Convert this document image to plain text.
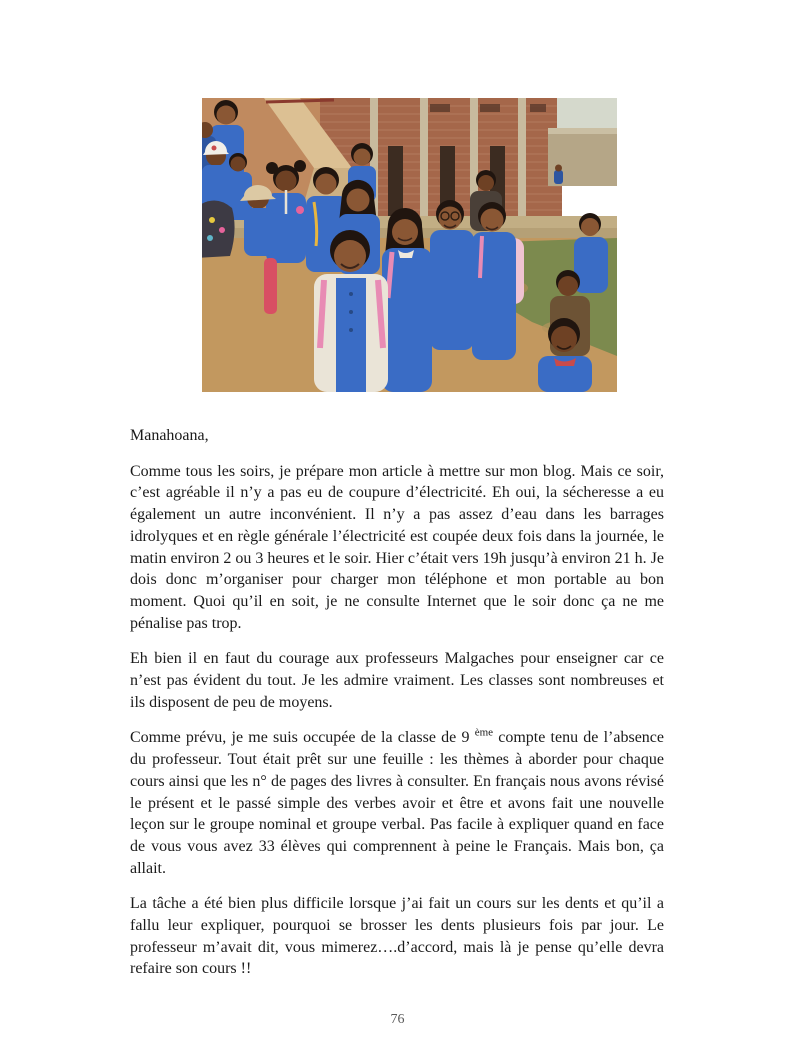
Manahoana,

Comme tous les soirs, je prépare mon article à mettre sur mon blog. Mais ce soir, c’est agréable il n’y a pas eu de coupure d’électricité. Eh oui, la sécheresse a eu également un autre inconvénient. Il n’y a pas assez d’eau dans les barrages idrolyques et en règle générale l’électricité est coupée deux fois dans la journée, le matin environ 2 ou 3 heures et le soir. Hier c’était vers 19h jusqu’à environ 21 h. Je dois donc m’organiser pour charger mon téléphone et mon portable au bon moment. Quoi qu’il en soit, je ne consulte Internet que le soir donc ça ne me pénalise pas trop.

Eh bien il en faut du courage aux professeurs Malgaches pour enseigner car ce n’est pas évident du tout. Je les admire vraiment. Les classes sont nombreuses et ils disposent de peu de moyens.

Comme prévu, je me suis occupée de la classe de 9 $^{ème}$ compte tenu de l’absence du professeur. Tout était prêt sur une feuille : les thèmes à aborder pour chaque cours ainsi que les n° de pages des livres à consulter. En français nous avons révisé le présent et le passé simple des verbes avoir et être et avons fait une nouvelle leçon sur le groupe nominal et groupe verbal. Pas facile à expliquer quand en face de vous vous avez 33 élèves qui comprennent à peine le Français. Mais bon, ça allait.

La tâche a été bien plus difficile lorsque j’ai fait un cours sur les dents et qu’il a fallu leur expliquer, pourquoi se brosser les dents plusieurs fois par jour. Le professeur m’avait dit, vous mimerez….d’accord, mais là je pense qu’elle devra refaire son cours !!

76
